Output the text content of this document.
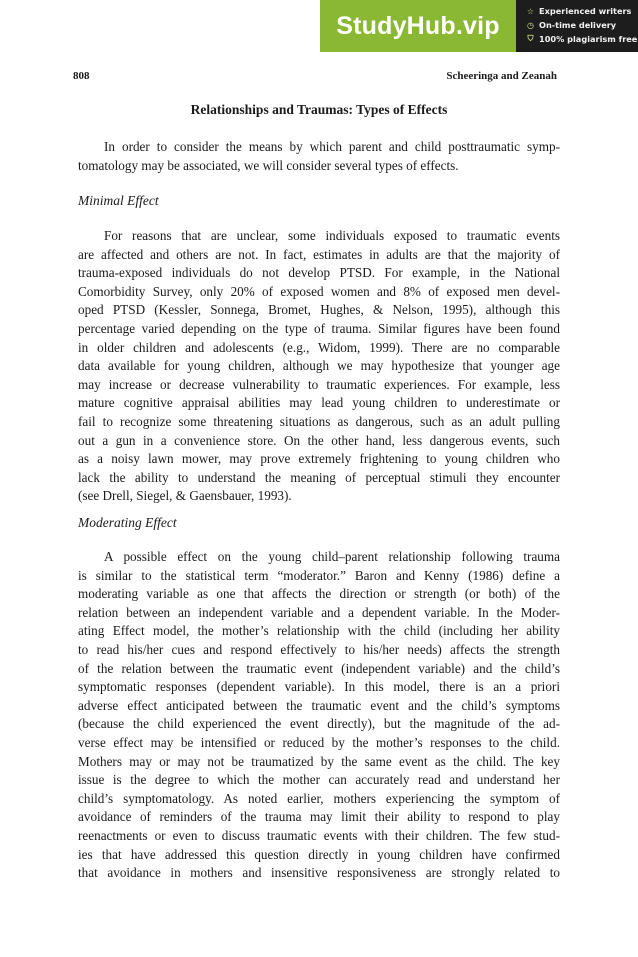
StudyHub.vip
☆ Experienced writers
◷ On-time delivery
⛉ 100% plagiarism free
808	Scheeringa and Zeanah
Relationships and Traumas: Types of Effects
In order to consider the means by which parent and child posttraumatic symp-
tomatology may be associated, we will consider several types of effects.
Minimal Effect
For reasons that are unclear, some individuals exposed to traumatic events
are affected and others are not. In fact, estimates in adults are that the majority of
trauma-exposed individuals do not develop PTSD. For example, in the National
Comorbidity Survey, only 20% of exposed women and 8% of exposed men devel-
oped PTSD (Kessler, Sonnega, Bromet, Hughes, & Nelson, 1995), although this
percentage varied depending on the type of trauma. Similar figures have been found
in older children and adolescents (e.g., Widom, 1999). There are no comparable
data available for young children, although we may hypothesize that younger age
may increase or decrease vulnerability to traumatic experiences. For example, less
mature cognitive appraisal abilities may lead young children to underestimate or
fail to recognize some threatening situations as dangerous, such as an adult pulling
out a gun in a convenience store. On the other hand, less dangerous events, such
as a noisy lawn mower, may prove extremely frightening to young children who
lack the ability to understand the meaning of perceptual stimuli they encounter
(see Drell, Siegel, & Gaensbauer, 1993).
Moderating Effect
A possible effect on the young child–parent relationship following trauma
is similar to the statistical term “moderator.” Baron and Kenny (1986) define a
moderating variable as one that affects the direction or strength (or both) of the
relation between an independent variable and a dependent variable. In the Moder-
ating Effect model, the mother’s relationship with the child (including her ability
to read his/her cues and respond effectively to his/her needs) affects the strength
of the relation between the traumatic event (independent variable) and the child’s
symptomatic responses (dependent variable). In this model, there is an a priori
adverse effect anticipated between the traumatic event and the child’s symptoms
(because the child experienced the event directly), but the magnitude of the ad-
verse effect may be intensified or reduced by the mother’s responses to the child.
Mothers may or may not be traumatized by the same event as the child. The key
issue is the degree to which the mother can accurately read and understand her
child’s symptomatology. As noted earlier, mothers experiencing the symptom of
avoidance of reminders of the trauma may limit their ability to respond to play
reenactments or even to discuss traumatic events with their children. The few stud-
ies that have addressed this question directly in young children have confirmed
that avoidance in mothers and insensitive responsiveness are strongly related to
